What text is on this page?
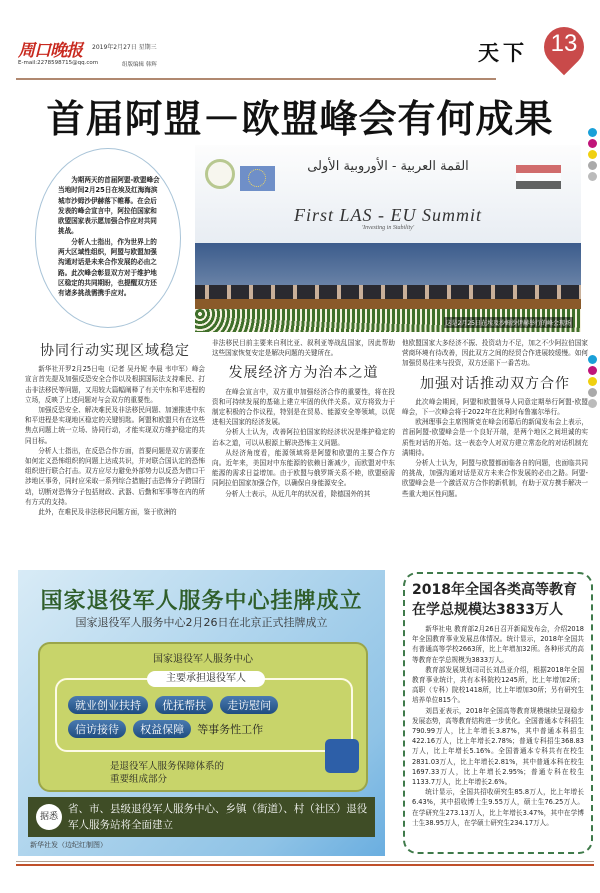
周口晚报 2019年2月27日 星期三
E-mail:2278598715@qq.com	组版编辑 韩辉	天下 13
首届阿盟－欧盟峰会有何成果

为期两天的首届阿盟-欧盟峰会当地时间2月25日在埃及红海海滨城市沙姆沙伊赫落下帷幕。在会后发表的峰会宣言中，阿拉伯国家和欧盟国家表示愿加强合作应对共同挑战。

分析人士指出，作为世界上的两大区域性组织，阿盟与欧盟加强沟通对话是未来合作发展的必由之路。此次峰会彰显双方对于维护地区稳定的共同期盼，也提醒双方还有诸多挑战需携手应对。

القمة العربية - الأوروبية الأولى
First LAS - EU Summit
'Investing in Stability'
这是2月25日在埃及沙姆沙伊赫举行的峰会现场
协同行动实现区域稳定

新华社开罗2月25日电（记者 吴丹妮 李晨 韦申军）峰会宣言首先提及加强反恐安全合作以及根据国际法支持难民、打击非法移民等问题，又用较大篇幅阐释了有关中东和平进程的立场，反映了上述问题对与会双方的重要性。

加强反恐安全、解决难民及非法移民问题、加速推进中东和平进程是实现地区稳定的关键钥匙。阿盟和欧盟只有在这些焦点问题上统一立场、协同行动，才能实现双方维护稳定的共同目标。

分析人士指出，在反恐合作方面，首要问题是双方需要在如何定义恐怖组织的问题上达成共识，并对联合国认定的恐怖组织进行联合打击。双方应尽力避免外部势力以反恐为借口干涉地区事务，同时应采取一系列综合措施打击恐怖分子跨国行动，切断对恐怖分子包括财政、武器、后勤和军事等在内的所有方式的支持。

此外，在难民及非法移民问题方面，鉴于欧洲的

非法移民目前主要来自利比亚、叙利亚等战乱国家，因此帮助这些国家恢复安定是解决问题的关键所在。
发展经济方为治本之道

在峰会宣言中，双方重申加强经济合作的重要性，将在投资和可持续发展的基础上建立牢固的伙伴关系。双方将致力于制定积极的合作议程，特别是在贸易、能源安全等领域，以促进相关国家的经济发展。

分析人士认为，改善阿拉伯国家的经济状况是维护稳定的治本之道，可以从根源上解决恐怖主义问题。

从经济角度看，能源领域将是阿盟和欧盟的主要合作方向。近年来，美国对中东能源的依赖日渐减少，而欧盟对中东能源的需求日益增加。由于欧盟与俄罗斯关系不睦，欧盟亟需同阿拉伯国家加强合作，以确保自身能源安全。

分析人士表示，从近几年的状况看，除德国外的其

他欧盟国家大多经济不振、投资动力不足，加之不少阿拉伯国家营商环境有待改善，因此双方之间的经贸合作进展较缓慢。如何加强贸易往来与投资，双方还需下一番苦功。
加强对话推动双方合作

此次峰会期间，阿盟和欧盟领导人同意定期举行阿盟-欧盟峰会，下一次峰会将于2022年在比利时布鲁塞尔举行。

欧洲理事会主席图斯克在峰会闭幕后的新闻发布会上表示，首届阿盟-欧盟峰会是一个良好开端，是两个地区之间坦诚的实质性对话的开始。这一表态令人对双方建立常态化的对话机制充满期待。

分析人士认为，阿盟与欧盟都面临各自的问题，也面临共同的挑战，加强沟通对话是双方未来合作发展的必由之路。阿盟-欧盟峰会是一个激活双方合作的新机制，有助于双方携手解决一些重大地区性问题。

国家退役军人服务中心挂牌成立
国家退役军人服务中心2月26日在北京正式挂牌成立
国家退役军人服务中心
主要承担退役军人
就业创业扶持 优抚帮扶 走访慰问
信访接待 权益保障 等事务性工作
是退役军人服务保障体系的
重要组成部分
据悉
省、市、县级退役军人服务中心、乡镇（街道）、村（社区）退役军人服务站将全面建立
新华社发（边纪红制图）
2018年全国各类高等教育在学总规模达3833万人

新华社电 教育部2月26日召开新闻发布会，介绍2018年全国教育事业发展总体情况。统计显示，2018年全国共有普通高等学校2663所，比上年增加32所。各种形式的高等教育在学总规模为3833万人。

教育部发展规划司司长刘昌亚介绍，根据2018年全国教育事业统计，共有本科院校1245所，比上年增加2所；高职（专科）院校1418所，比上年增加30所；另有研究生培养单位815个。

刘昌亚表示，2018年全国高等教育规模继续呈现稳步发展态势，高等教育结构进一步优化。全国普通本专科招生790.99万人，比上年增长3.87%，其中普通本科招生422.16万人，比上年增长2.78%；普通专科招生368.83万人，比上年增长5.16%。全国普通本专科共有在校生2831.03万人，比上年增长2.81%，其中普通本科在校生1697.33万人，比上年增长2.95%；普通专科在校生1133.7万人，比上年增长2.6%。

统计显示，全国共招收研究生85.8万人，比上年增长6.43%，其中招收博士生9.55万人，硕士生76.25万人。在学研究生273.13万人，比上年增长3.47%，其中在学博士生38.95万人，在学硕士研究生234.17万人。
